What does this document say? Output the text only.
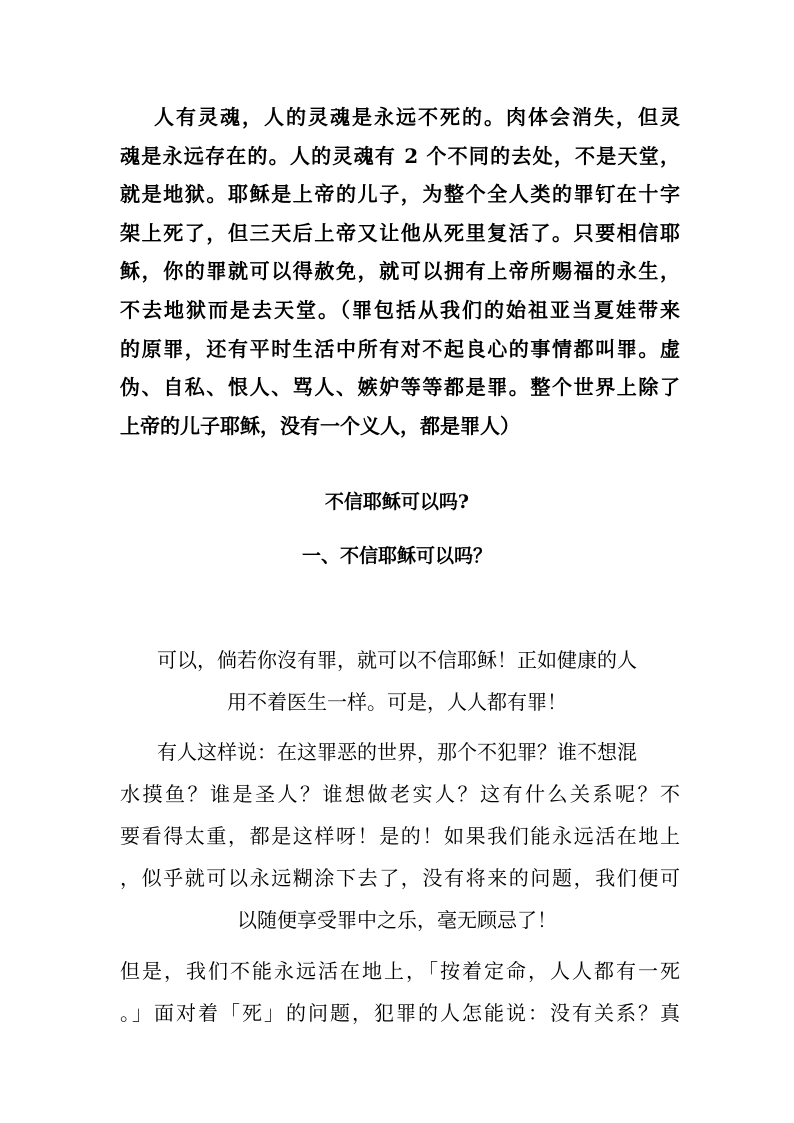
人有灵魂，人的灵魂是永远不死的。肉体会消失，但灵
魂是永远存在的。人的灵魂有 2 个不同的去处，不是天堂，
就是地狱。耶稣是上帝的儿子，为整个全人类的罪钉在十字
架上死了，但三天后上帝又让他从死里复活了。只要相信耶
稣，你的罪就可以得赦免，就可以拥有上帝所赐福的永生，
不去地狱而是去天堂。（罪包括从我们的始祖亚当夏娃带来
的原罪，还有平时生活中所有对不起良心的事情都叫罪。虚
伪、自私、恨人、骂人、嫉妒等等都是罪。整个世界上除了
上帝的儿子耶稣，没有一个义人，都是罪人）
不信耶稣可以吗?
一、不信耶稣可以吗？
可以，倘若你沒有罪，就可以不信耶稣！正如健康的人
用不着医生一样。可是，人人都有罪！
有人这样说：在这罪恶的世界，那个不犯罪？谁不想混
水摸鱼？谁是圣人？谁想做老实人？这有什么关系呢？不
要看得太重，都是这样呀！是的！如果我们能永远活在地上
，似乎就可以永远糊涂下去了，没有将来的问题，我们便可
以随便享受罪中之乐，毫无顾忌了！
但是，我们不能永远活在地上，「按着定命，人人都有一死
。」面对着「死」的问题，犯罪的人怎能说：没有关系？真
